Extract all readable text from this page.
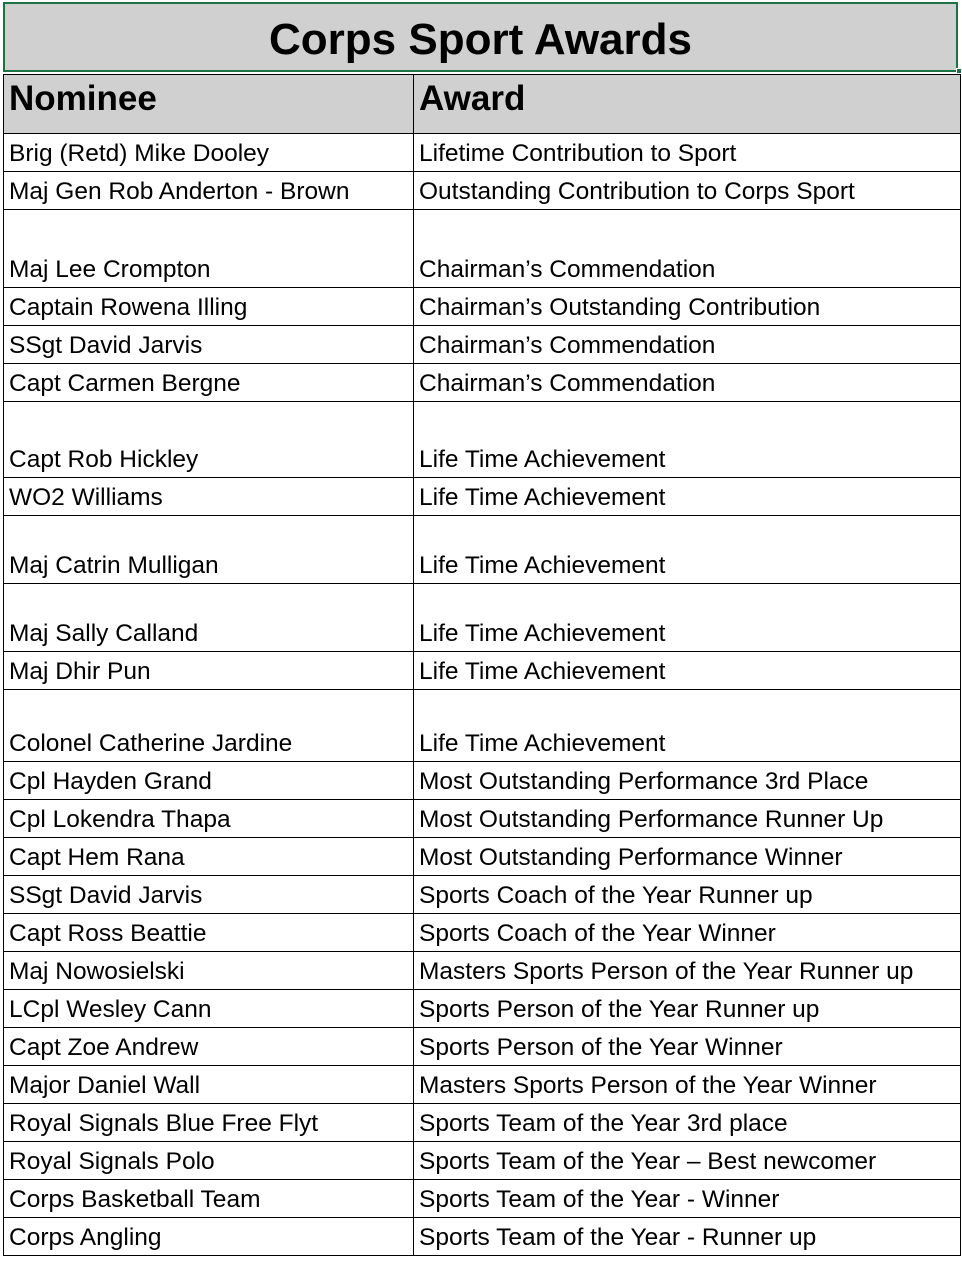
Corps Sport Awards
Nominee	Award
Brig (Retd) Mike Dooley	Lifetime Contribution to Sport
Maj Gen Rob Anderton - Brown	Outstanding Contribution to Corps Sport
Maj Lee Crompton	Chairman’s Commendation
Captain Rowena Illing	Chairman’s Outstanding Contribution
SSgt David Jarvis	Chairman’s Commendation
Capt Carmen Bergne	Chairman’s Commendation
Capt Rob Hickley	Life Time Achievement
WO2 Williams	Life Time Achievement
Maj Catrin Mulligan	Life Time Achievement
Maj Sally Calland	Life Time Achievement
Maj Dhir Pun	Life Time Achievement
Colonel Catherine Jardine	Life Time Achievement
Cpl Hayden Grand	Most Outstanding Performance 3rd Place
Cpl Lokendra Thapa	Most Outstanding Performance Runner Up
Capt Hem Rana	Most Outstanding Performance Winner
SSgt David Jarvis	Sports Coach of the Year Runner up
Capt Ross Beattie	Sports Coach of the Year Winner
Maj Nowosielski	Masters Sports Person of the Year Runner up
LCpl Wesley Cann	Sports Person of the Year Runner up
Capt Zoe Andrew	Sports Person of the Year Winner
Major Daniel Wall	Masters Sports Person of the Year Winner
Royal Signals Blue Free Flyt	Sports Team of the Year 3rd place
Royal Signals Polo	Sports Team of the Year – Best newcomer
Corps Basketball Team	Sports Team of the Year - Winner
Corps Angling	Sports Team of the Year - Runner up
